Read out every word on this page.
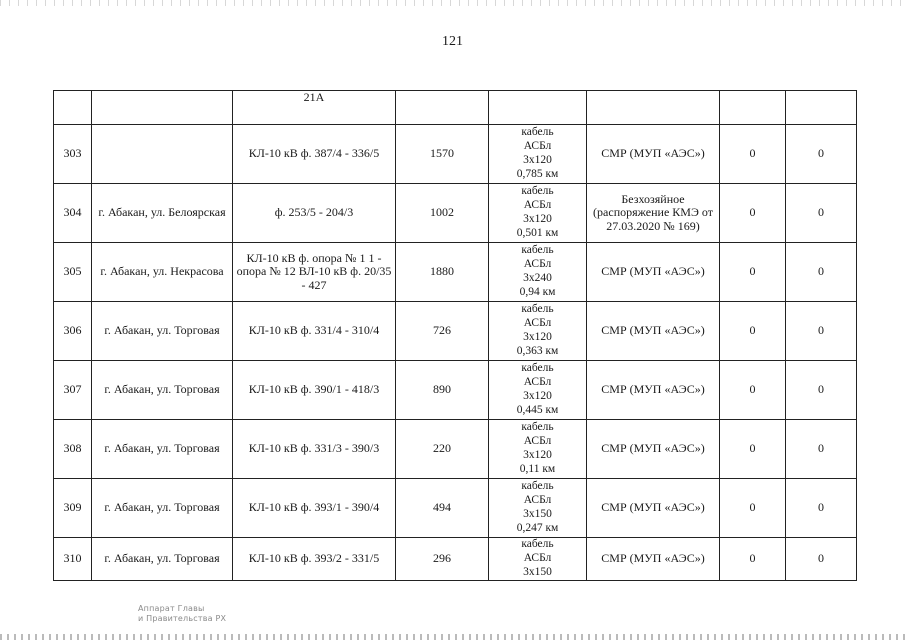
121
		21А					
303		КЛ-10 кВ ф. 387/4 - 336/5	1570	кабель
АСБл
3х120
0,785 км	СМР (МУП «АЭС»)	0	0
304	г. Абакан, ул. Белоярская	ф. 253/5 - 204/3	1002	кабель
АСБл
3х120
0,501 км	Безхозяйное (распоряжение КМЭ от 27.03.2020 № 169)	0	0
305	г. Абакан, ул. Некрасова	КЛ-10 кВ ф. опора № 1 1 - опора № 12 ВЛ-10 кВ ф. 20/35 - 427	1880	кабель
АСБл
3х240
0,94 км	СМР (МУП «АЭС»)	0	0
306	г. Абакан, ул. Торговая	КЛ-10 кВ ф. 331/4 - 310/4	726	кабель
АСБл
3х120
0,363 км	СМР (МУП «АЭС»)	0	0
307	г. Абакан, ул. Торговая	КЛ-10 кВ ф. 390/1 - 418/3	890	кабель
АСБл
3х120
0,445 км	СМР (МУП «АЭС»)	0	0
308	г. Абакан, ул. Торговая	КЛ-10 кВ ф. 331/3 - 390/3	220	кабель
АСБл
3х120
0,11 км	СМР (МУП «АЭС»)	0	0
309	г. Абакан, ул. Торговая	КЛ-10 кВ ф. 393/1 - 390/4	494	кабель
АСБл
3х150
0,247 км	СМР (МУП «АЭС»)	0	0
310	г. Абакан, ул. Торговая	КЛ-10 кВ ф. 393/2 - 331/5	296	кабель
АСБл
3х150	СМР (МУП «АЭС»)	0	0
Аппарат Главы
и Правительства РХ
